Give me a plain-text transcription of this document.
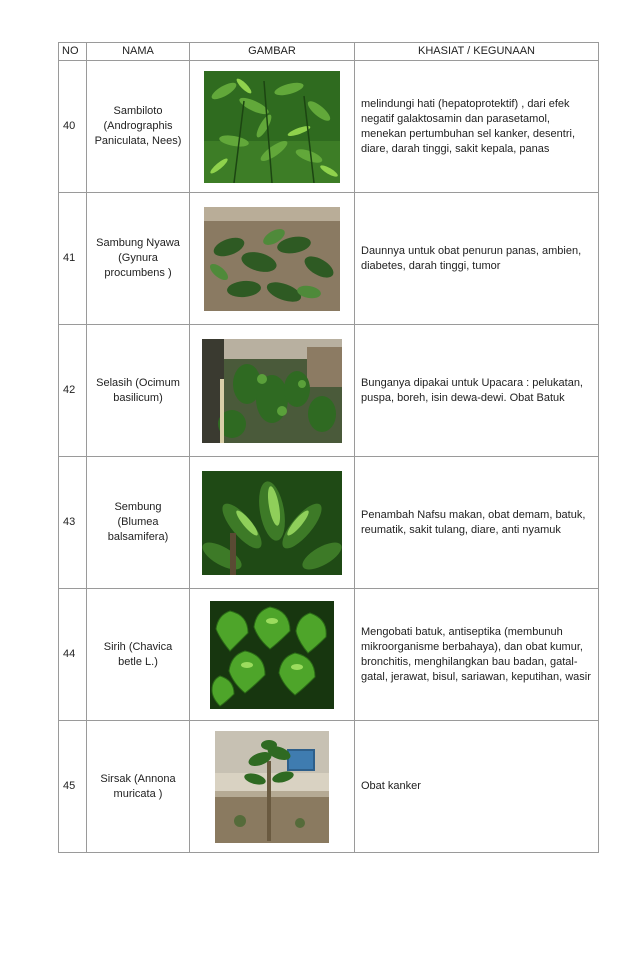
NO	NAMA	GAMBAR	KHASIAT / KEGUNAAN
40	Sambiloto (Andrographis Paniculata, Nees)		melindungi hati (hepatoprotektif) , dari efek negatif galaktosamin dan parasetamol, menekan pertumbuhan sel kanker, desentri, diare, darah tinggi, sakit kepala, panas
41	Sambung Nyawa (Gynura procumbens )		Daunnya untuk obat penurun panas, ambien, diabetes, darah tinggi, tumor
42	Selasih (Ocimum basilicum)		Bunganya dipakai untuk Upacara : pelukatan, puspa, boreh, isin dewa-dewi. Obat Batuk
43	Sembung (Blumea balsamifera)		Penambah Nafsu makan, obat demam, batuk, reumatik, sakit tulang, diare, anti nyamuk
44	Sirih (Chavica betle L.)		Mengobati batuk, antiseptika (membunuh mikroorganisme berbahaya), dan obat kumur, bronchitis, menghilangkan bau badan, gatal-gatal, jerawat, bisul, sariawan, keputihan, wasir
45	Sirsak (Annona muricata )		Obat kanker
